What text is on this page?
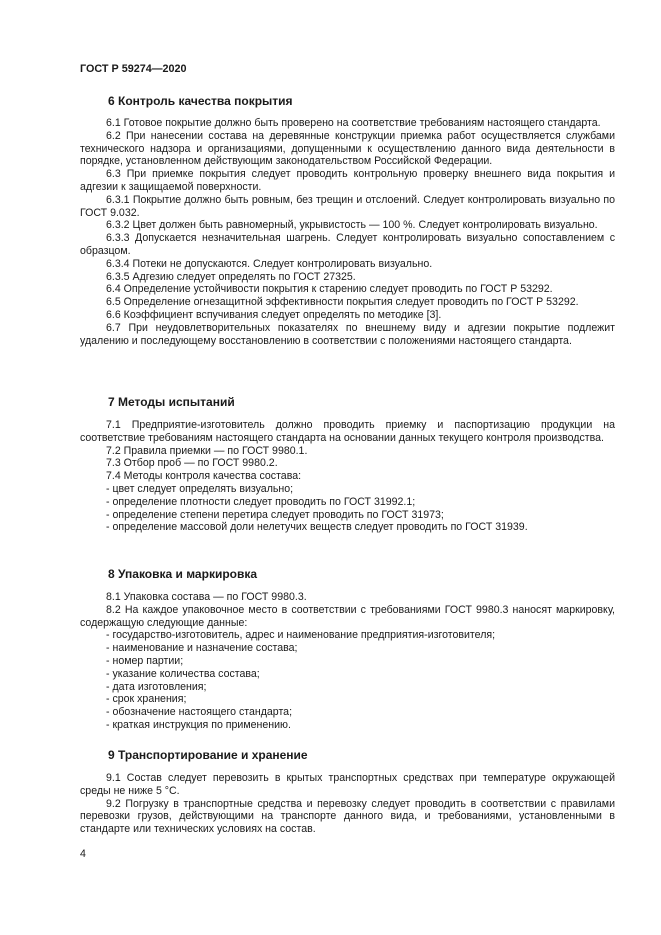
ГОСТ Р 59274—2020
6 Контроль качества покрытия

6.1 Готовое покрытие должно быть проверено на соответствие требованиям настоящего стандарта.

6.2 При нанесении состава на деревянные конструкции приемка работ осуществляется службами технического надзора и организациями, допущенными к осуществлению данного вида деятельности в порядке, установленном действующим законодательством Российской Федерации.

6.3 При приемке покрытия следует проводить контрольную проверку внешнего вида покрытия и адгезии к защищаемой поверхности.

6.3.1 Покрытие должно быть ровным, без трещин и отслоений. Следует контролировать визуально по ГОСТ 9.032.

6.3.2 Цвет должен быть равномерный, укрывистость — 100 %. Следует контролировать визуально.

6.3.3 Допускается незначительная шагрень. Следует контролировать визуально сопоставлением с образцом.

6.3.4 Потеки не допускаются. Следует контролировать визуально.

6.3.5 Адгезию следует определять по ГОСТ 27325.

6.4 Определение устойчивости покрытия к старению следует проводить по ГОСТ Р 53292.

6.5 Определение огнезащитной эффективности покрытия следует проводить по ГОСТ Р 53292.

6.6 Коэффициент вспучивания следует определять по методике [3].

6.7 При неудовлетворительных показателях по внешнему виду и адгезии покрытие подлежит удалению и последующему восстановлению в соответствии с положениями настоящего стандарта.

7 Методы испытаний

7.1 Предприятие-изготовитель должно проводить приемку и паспортизацию продукции на соответствие требованиям настоящего стандарта на основании данных текущего контроля производства.

7.2 Правила приемки — по ГОСТ 9980.1.

7.3 Отбор проб — по ГОСТ 9980.2.

7.4 Методы контроля качества состава:

- цвет следует определять визуально;

- определение плотности следует проводить по ГОСТ 31992.1;

- определение степени перетира следует проводить по ГОСТ 31973;

- определение массовой доли нелетучих веществ следует проводить по ГОСТ 31939.

8 Упаковка и маркировка

8.1 Упаковка состава — по ГОСТ 9980.3.

8.2 На каждое упаковочное место в соответствии с требованиями ГОСТ 9980.3 наносят маркировку, содержащую следующие данные:

- государство-изготовитель, адрес и наименование предприятия-изготовителя;

- наименование и назначение состава;

- номер партии;

- указание количества состава;

- дата изготовления;

- срок хранения;

- обозначение настоящего стандарта;

- краткая инструкция по применению.

9 Транспортирование и хранение

9.1 Состав следует перевозить в крытых транспортных средствах при температуре окружающей среды не ниже 5 °С.

9.2 Погрузку в транспортные средства и перевозку следует проводить в соответствии с правилами перевозки грузов, действующими на транспорте данного вида, и требованиями, установленными в стандарте или технических условиях на состав.

4
